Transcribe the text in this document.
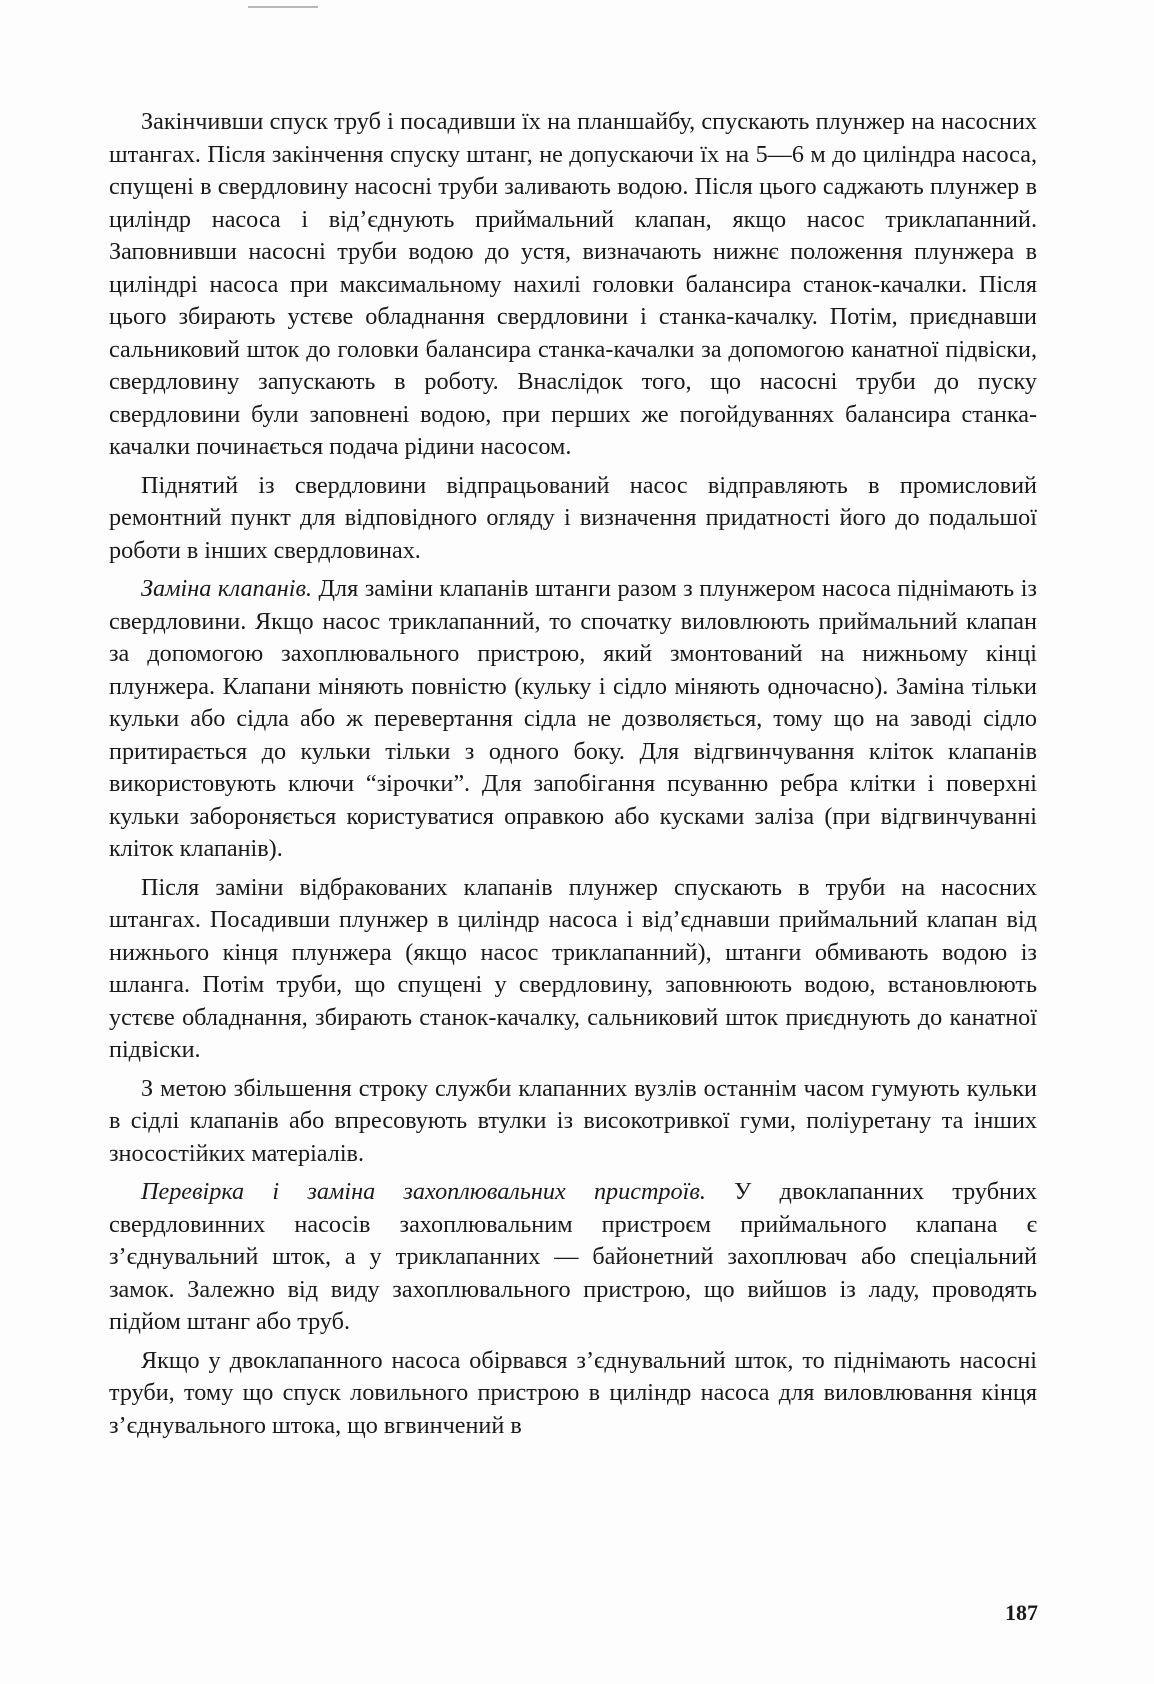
Закінчивши спуск труб і посадивши їх на планшайбу, спускають плунжер на насосних штангах. Після закінчення спуску штанг, не допускаючи їх на 5—6 м до циліндра насоса, спущені в свердловину насосні труби заливають водою. Після цього саджають плунжер в циліндр насоса і від’єднують приймальний клапан, якщо насос триклапанний. Заповнивши насосні труби водою до устя, визначають нижнє положення плунжера в циліндрі насоса при максимальному нахилі головки балансира станок-качалки. Після цього збирають устєве обладнання свердловини і станка-качалку. Потім, приєднавши сальниковий шток до головки балансира станка-качалки за допомогою канатної підвіски, свердловину запускають в роботу. Внаслідок того, що насосні труби до пуску свердловини були заповнені водою, при перших же погойдуваннях балансира станка-качалки починається подача рідини насосом.

Піднятий із свердловини відпрацьований насос відправляють в промисловий ремонтний пункт для відповідного огляду і визначення придатності його до подальшої роботи в інших свердловинах.

Заміна клапанів. Для заміни клапанів штанги разом з плунжером насоса піднімають із свердловини. Якщо насос триклапанний, то спочатку виловлюють приймальний клапан за допомогою захоплювального пристрою, який змонтований на нижньому кінці плунжера. Клапани міняють повністю (кульку і сідло міняють одночасно). Заміна тільки кульки або сідла або ж перевертання сідла не дозволяється, тому що на заводі сідло притирається до кульки тільки з одного боку. Для відгвинчування кліток клапанів використовують ключи “зірочки”. Для запобігання псуванню ребра клітки і поверхні кульки забороняється користуватися оправкою або кусками заліза (при відгвинчуванні кліток клапанів).

Після заміни відбракованих клапанів плунжер спускають в труби на насосних штангах. Посадивши плунжер в циліндр насоса і від’єднавши приймальний клапан від нижнього кінця плунжера (якщо насос триклапанний), штанги обмивають водою із шланга. Потім труби, що спущені у свердловину, заповнюють водою, встановлюють устєве обладнання, збирають станок-качалку, сальниковий шток приєднують до канатної підвіски.

З метою збільшення строку служби клапанних вузлів останнім часом гумують кульки в сідлі клапанів або впресовують втулки із високотривкої гуми, поліуретану та інших зносостійких матеріалів.

Перевірка і заміна захоплювальних пристроїв. У двоклапанних трубних свердловинних насосів захоплювальним пристроєм приймального клапана є з’єднувальний шток, а у триклапанних — байонетний захоплювач або спеціальний замок. Залежно від виду захоплювального пристрою, що вийшов із ладу, проводять підйом штанг або труб.

Якщо у двоклапанного насоса обірвався з’єднувальний шток, то піднімають насосні труби, тому що спуск ловильного пристрою в циліндр насоса для виловлювання кінця з’єднувального штока, що вгвинчений в

187
